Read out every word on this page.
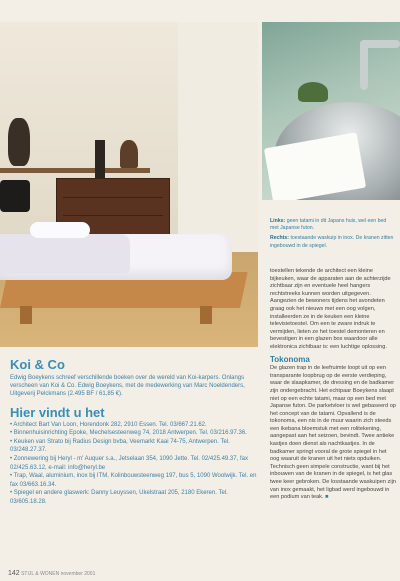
Links: geen tatami in dit Japans huis, wel een bed met Japanse futon.

Rechts: toestaande waskuip in inox. De kranen zitten ingebouwd in de spiegel.

toestellen tekende de architect een kleine bijkeuken, waar de apparaten aan de achterzijde zichtbaar zijn en eventuele heel hangers rechtstreeks kunnen worden uitgegeven. Aangezien de bewoners tijdens het avondeten graag ook het nieuws met een oog volgen, installeerden ze in de keuken een kleine televisietoestel. Om een te zware indruk te vermijden, lieten ze het toestel demonteren en bevestigen in een glazen box waardoor alle elektronica zichtbaar is: een luchtige oplossing.

Tokonoma

De glazen trap in de leefruimte loopt uit op een transparante loopbrug op de eerste verdieping, waar de slaapkamer, de dressing en de badkamer zijn ondergebracht. Het echtpaar Boeykens slaapt niet op een echte tatami, maar op een bed met Japanse futon. De parketvloer is wel gebaseerd op het concept van de tatami. Opvallend is de tokonoma, een nis in de muur waarin zich steeds een ikebana bloemstuk met een rolitekening, aangepast aan het seizoen, bevindt. Twee antieke kastjes doen dienst als nachtkastjes. In de badkamer springt vooral de grote spiegel in het oog waaruit de kranen uit het niets opduiken. Technisch geen simpele constructie, want bij het inbouwen van de kranen in de spiegel, is het glas twee keer gebroken. De losstaande waskuipen zijn van inox gemaakt, het ligbad werd ingebouwd in een podium van teak. ■

Koi & Co
Edwig Boeykens schreef verschillende boeken over de wereld van Koi-karpers. Onlangs verscheen van Koi & Co. Edwig Boeykens, met de medewerking van Marc Noeldenders, Uitgeverij Pelckmans (2.495 BF / 61,85 €).
Hier vindt u het
• Architect Bart Van Loon, Horendonk 282, 2910 Essen. Tel. 03/667.21.62.
• Binnenhuisinrichting Epoke, Mechelsesteenweg 74, 2018 Antwerpen. Tel. 03/216.97.36.
• Keuken van Strato bij Radius Design bvba, Veemarkt Kaai 74-75, Antwerpen. Tel. 03/248.27.37.
• Zonnewering bij Heryl - m' Auquer s.a., Jetselaan 354, 1090 Jette. Tel. 02/425.49.37, fax 02/425.63.12, e-mail: info@heryl.be
• Trap, Waal, aluminium, inox bij ITM, Kolinbouwsteenweg 197, bus 5, 1090 Woolwijk. Tel. en fax 03/663.16.34.
• Spiegel en andere glaswerk: Danny Leuyssen, Ukelstraat 205, 2180 Ekeren. Tel. 03/605.18.28.
142 STIJL & WONEN november 2001
